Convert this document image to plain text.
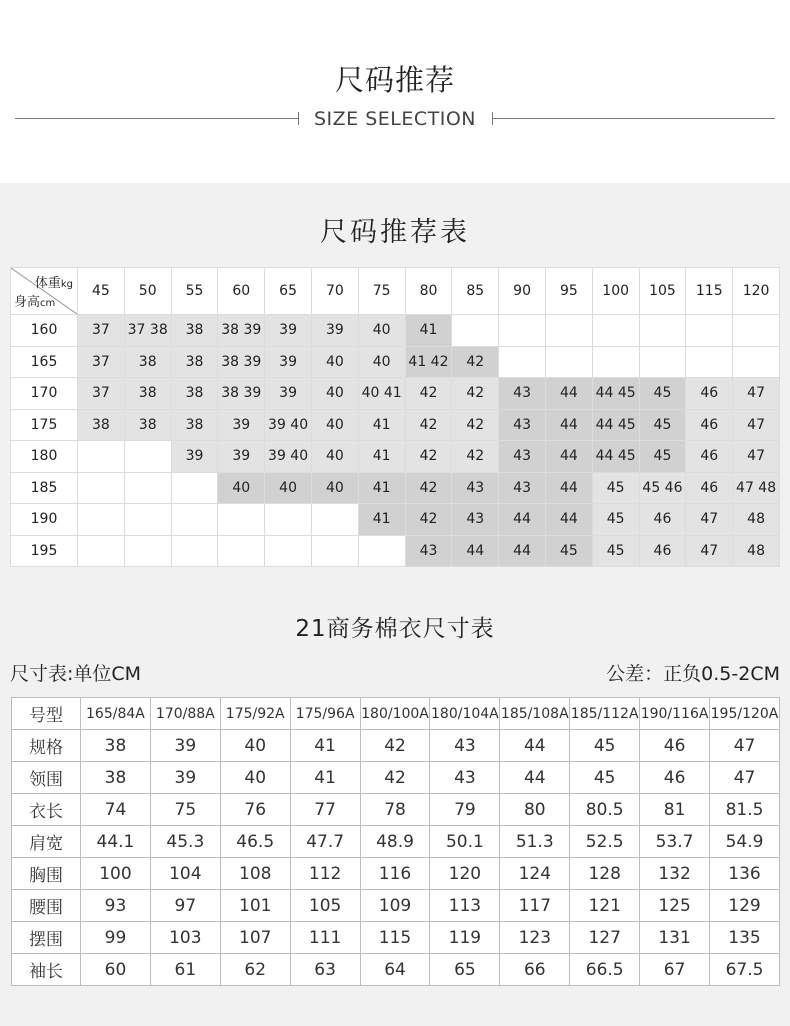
尺码推荐
SIZE SELECTION
尺码推荐表
体重kg
身高cm	45	50	55	60	65	70	75	80	85	90	95	100	105	115	120
160	37	37 38	38	38 39	39	39	40	41							
165	37	38	38	38 39	39	40	40	41 42	42						
170	37	38	38	38 39	39	40	40 41	42	42	43	44	44 45	45	46	47
175	38	38	38	39	39 40	40	41	42	42	43	44	44 45	45	46	47
180			39	39	39 40	40	41	42	42	43	44	44 45	45	46	47
185				40	40	40	41	42	43	43	44	45	45 46	46	47 48
190							41	42	43	44	44	45	46	47	48
195								43	44	44	45	45	46	47	48
21商务棉衣尺寸表
尺寸表:单位CM	公差：正负0.5-2CM
号型	165/84A	170/88A	175/92A	175/96A	180/100A	180/104A	185/108A	185/112A	190/116A	195/120A
规格	38	39	40	41	42	43	44	45	46	47
领围	38	39	40	41	42	43	44	45	46	47
衣长	74	75	76	77	78	79	80	80.5	81	81.5
肩宽	44.1	45.3	46.5	47.7	48.9	50.1	51.3	52.5	53.7	54.9
胸围	100	104	108	112	116	120	124	128	132	136
腰围	93	97	101	105	109	113	117	121	125	129
摆围	99	103	107	111	115	119	123	127	131	135
袖长	60	61	62	63	64	65	66	66.5	67	67.5
